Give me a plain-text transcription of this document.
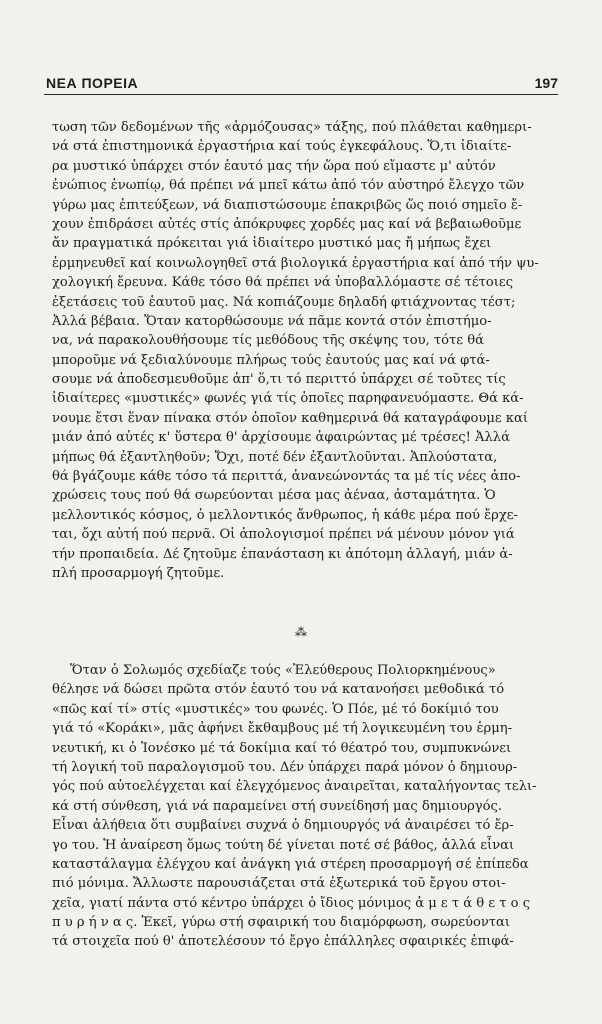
ΝΕΑ ΠΟΡΕΙΑ	197
τωση τῶν δεδομένων τῆς «ἁρμόζουσας» τάξης, πού πλάθεται καθημερι-
νά στά ἐπιστημονικά ἐργαστήρια καί τούς ἐγκεφάλους. Ὅ,τι ἰδιαίτε-
ρα μυστικό ὑπάρχει στόν ἑαυτό μας τήν ὥρα πού εἴμαστε μ' αὐτόν
ἐνώπιος ἐνωπίῳ, θά πρέπει νά μπεῖ κάτω ἀπό τόν αὐστηρό ἔλεγχο τῶν
γύρω μας ἐπιτεύξεων, νά διαπιστώσουμε ἐπακριβῶς ὥς ποιό σημεῖο ἔ-
χουν ἐπιδράσει αὐτές στίς ἀπόκρυφες χορδές μας καί νά βεβαιωθοῦμε
ἄν πραγματικά πρόκειται γιά ἰδιαίτερο μυστικό μας ἤ μήπως ἔχει
ἑρμηνευθεῖ καί κοινωλογηθεῖ στά βιολογικά ἐργαστήρια καί ἀπό τήν ψυ-
χολογική ἔρευνα. Κάθε τόσο θά πρέπει νά ὑποβαλλόμαστε σέ τέτοιες
ἐξετάσεις τοῦ ἑαυτοῦ μας. Νά κοπιάζουμε δηλαδή φτιάχνοντας τέστ;
Ἀλλά βέβαια. Ὅταν κατορθώσουμε νά πᾶμε κοντά στόν ἐπιστήμο-
να, νά παρακολουθήσουμε τίς μεθόδους τῆς σκέψης του, τότε θά
μποροῦμε νά ξεδιαλύνουμε πλήρως τούς ἑαυτούς μας καί νά φτά-
σουμε νά ἀποδεσμευθοῦμε ἀπ' ὅ,τι τό περιττό ὑπάρχει σέ τοῦτες τίς
ἰδιαίτερες «μυστικές» φωνές γιά τίς ὁποῖες παρηφανευόμαστε. Θά κά-
νουμε ἔτσι ἕναν πίνακα στόν ὁποῖον καθημερινά θά καταγράφουμε καί
μιάν ἀπό αὐτές κ' ὕστερα θ' ἀρχίσουμε ἀφαιρώντας μέ τρέσες! Ἀλλά
μήπως θά ἐξαντληθοῦν; Ὄχι, ποτέ δέν ἐξαντλοῦνται. Ἁπλούστατα,
θά βγάζουμε κάθε τόσο τά περιττά, ἀνανεώνοντάς τα μέ τίς νέες ἀπο-
χρώσεις τους πού θά σωρεύονται μέσα μας ἀέναα, ἀσταμάτητα. Ὁ
μελλοντικός κόσμος, ὁ μελλοντικός ἄνθρωπος, ἡ κάθε μέρα πού ἔρχε-
ται, ὄχι αὐτή πού περνᾶ. Οἱ ἀπολογισμοί πρέπει νά μένουν μόνον γιά
τήν προπαιδεία. Δέ ζητοῦμε ἐπανάσταση κι ἀπότομη ἀλλαγή, μιάν ἁ-
πλή προσαρμογή ζητοῦμε.
⁂
Ὅταν ὁ Σολωμός σχεδίαζε τούς «Ἐλεύθερους Πολιορκημένους»
θέλησε νά δώσει πρῶτα στόν ἑαυτό του νά κατανοήσει μεθοδικά τό
«πῶς καί τί» στίς «μυστικές» του φωνές. Ὁ Πόε, μέ τό δοκίμιό του
γιά τό «Κοράκι», μᾶς ἀφήνει ἔκθαμβους μέ τή λογικευμένη του ἑρμη-
νευτική, κι ὁ Ἰονέσκο μέ τά δοκίμια καί τό θέατρό του, συμπυκνώνει
τή λογική τοῦ παραλογισμοῦ του. Δέν ὑπάρχει παρά μόνον ὁ δημιουρ-
γός πού αὐτοελέγχεται καί ἐλεγχόμενος ἀναιρεῖται, καταλήγοντας τελι-
κά στή σύνθεση, γιά νά παραμείνει στή συνείδησή μας δημιουργός.
Εἶναι ἀλήθεια ὅτι συμβαίνει συχνά ὁ δημιουργός νά ἀναιρέσει τό ἔρ-
γο του. Ἡ ἀναίρεση ὅμως τούτη δέ γίνεται ποτέ σέ βάθος, ἀλλά εἶναι
καταστάλαγμα ἐλέγχου καί ἀνάγκη γιά στέρεη προσαρμογή σέ ἐπίπεδα
πιό μόνιμα. Ἄλλωστε παρουσιάζεται στά ἐξωτερικά τοῦ ἔργου στοι-
χεῖα, γιατί πάντα στό κέντρο ὑπάρχει ὁ ἴδιος μόνιμος ἀ μ ε τ ά θ ε τ ο ς
π υ ρ ή ν α ς. Ἐκεῖ, γύρω στή σφαιρική του διαμόρφωση, σωρεύονται
τά στοιχεῖα πού θ' ἀποτελέσουν τό ἔργο ἐπάλληλες σφαιρικές ἐπιφά-
